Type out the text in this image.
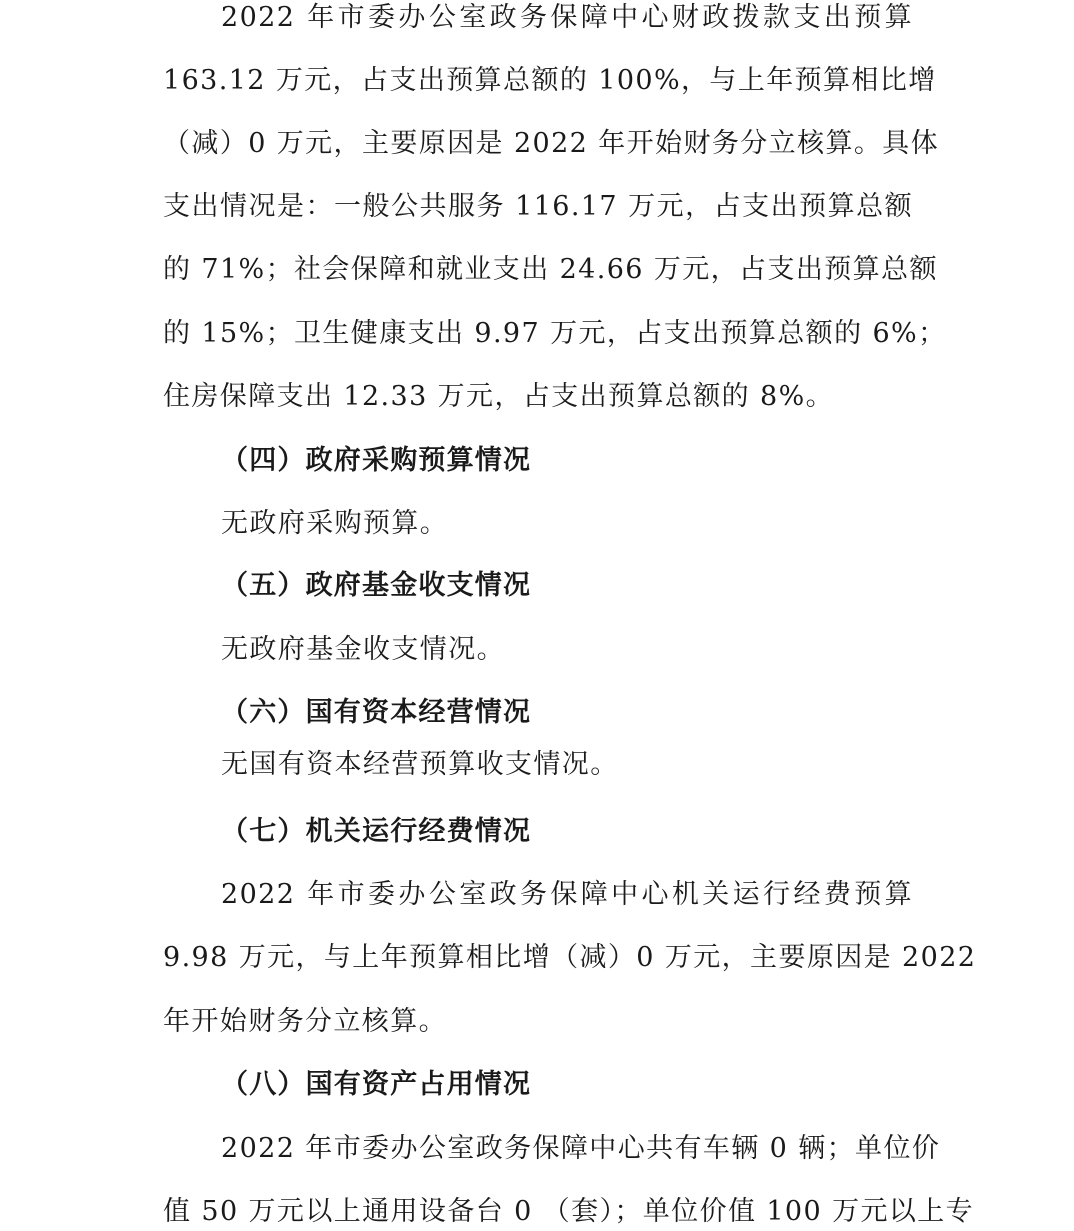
2022 年市委办公室政务保障中心财政拨款支出预算
163.12 万元，占支出预算总额的 100%，与上年预算相比增
（减）0 万元，主要原因是 2022 年开始财务分立核算。具体
支出情况是：一般公共服务 116.17 万元，占支出预算总额
的 71%；社会保障和就业支出 24.66 万元，占支出预算总额
的 15%；卫生健康支出 9.97 万元，占支出预算总额的 6%；
住房保障支出 12.33 万元，占支出预算总额的 8%。
（四）政府采购预算情况
无政府采购预算。
（五）政府基金收支情况
无政府基金收支情况。
（六）国有资本经营情况
无国有资本经营预算收支情况。
（七）机关运行经费情况
2022 年市委办公室政务保障中心机关运行经费预算
9.98 万元，与上年预算相比增（减）0 万元，主要原因是 2022
年开始财务分立核算。
（八）国有资产占用情况
2022 年市委办公室政务保障中心共有车辆 0 辆；单位价
值 50 万元以上通用设备台 0 （套）；单位价值 100 万元以上专
